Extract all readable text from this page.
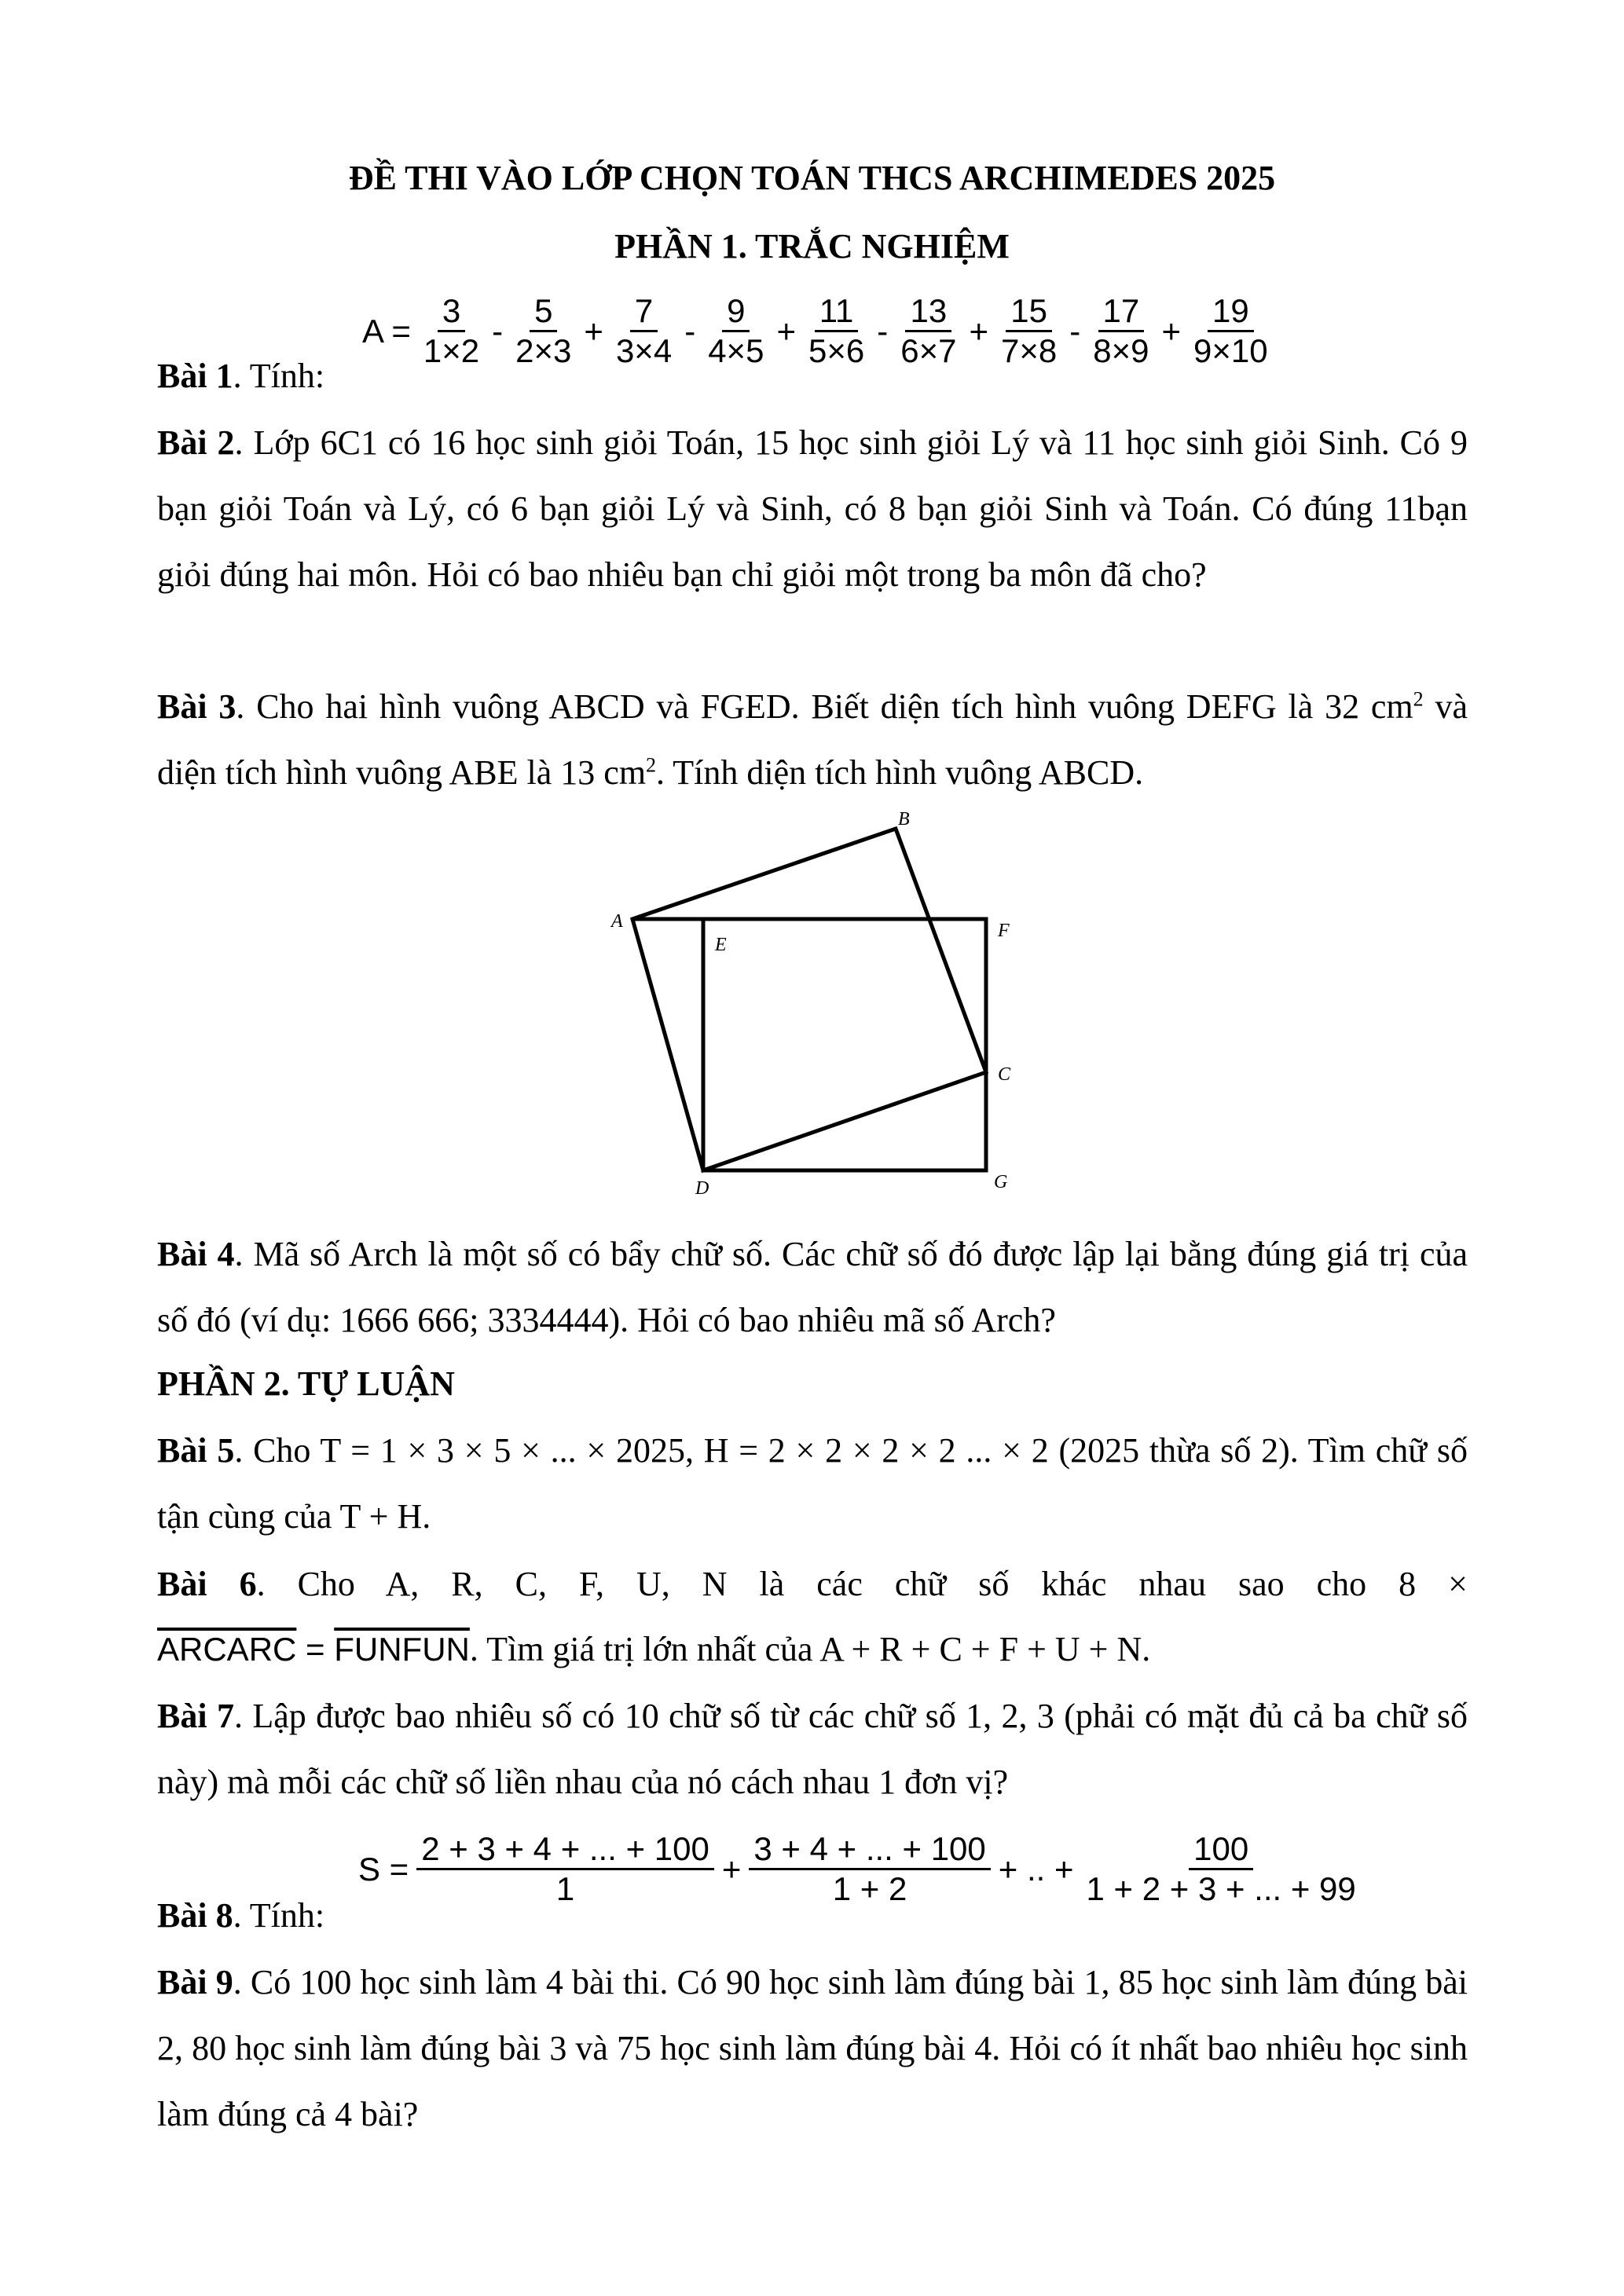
ĐỀ THI VÀO LỚP CHỌN TOÁN THCS ARCHIMEDES 2025
PHẦN 1. TRẮC NGHIỆM
$A = \frac{3}{1\times 2} - \frac{5}{2\times 3} + \frac{7}{3\times 4} - \frac{9}{4\times 5} + \frac{11}{5\times 6} - \frac{13}{6\times 7} + \frac{15}{7\times 8} - \frac{17}{8\times 9} + \frac{19}{9\times 10}$
Bài 1. Tính:
Bài 2. Lớp 6C1 có 16 học sinh giỏi Toán, 15 học sinh giỏi Lý và 11 học sinh giỏi Sinh. Có 9 bạn giỏi Toán và Lý, có 6 bạn giỏi Lý và Sinh, có 8 bạn giỏi Sinh và Toán. Có đúng 11bạn giỏi đúng hai môn. Hỏi có bao nhiêu bạn chỉ giỏi một trong ba môn đã cho?
Bài 3. Cho hai hình vuông ABCD và FGED. Biết diện tích hình vuông DEFG là 32 $cm^2$ và diện tích hình vuông ABE là 13 $cm^2$. Tính diện tích hình vuông ABCD.
A
B
C
D
E
F
G
Bài 4. Mã số Arch là một số có bẩy chữ số. Các chữ số đó được lập lại bằng đúng giá trị của số đó (ví dụ: 1666 666; 3334444). Hỏi có bao nhiêu mã số Arch?
PHẦN 2. TỰ LUẬN
Bài 5. Cho T = 1 × 3 × 5 × ... × 2025, H = 2 × 2 × 2 × 2 ... × 2 (2025 thừa số 2). Tìm chữ số tận cùng của T + H.
Bài 6. Cho A, R, C, F, U, N là các chữ số khác nhau sao cho 8 ×
ARCARC = FUNFUN. Tìm giá trị lớn nhất của A + R + C + F + U + N.
Bài 7. Lập được bao nhiêu số có 10 chữ số từ các chữ số 1, 2, 3 (phải có mặt đủ cả ba chữ số này) mà mỗi các chữ số liền nhau của nó cách nhau 1 đơn vị?
$S = \frac{2 + 3 + 4 + ... + 100}{1} + \frac{3 + 4 + ... + 100}{1 + 2}$ + .. + $\frac{100}{1 + 2 + 3 + ... + 99}$
Bài 8. Tính:
Bài 9. Có 100 học sinh làm 4 bài thi. Có 90 học sinh làm đúng bài 1, 85 học sinh làm đúng bài 2, 80 học sinh làm đúng bài 3 và 75 học sinh làm đúng bài 4. Hỏi có ít nhất bao nhiêu học sinh làm đúng cả 4 bài?
